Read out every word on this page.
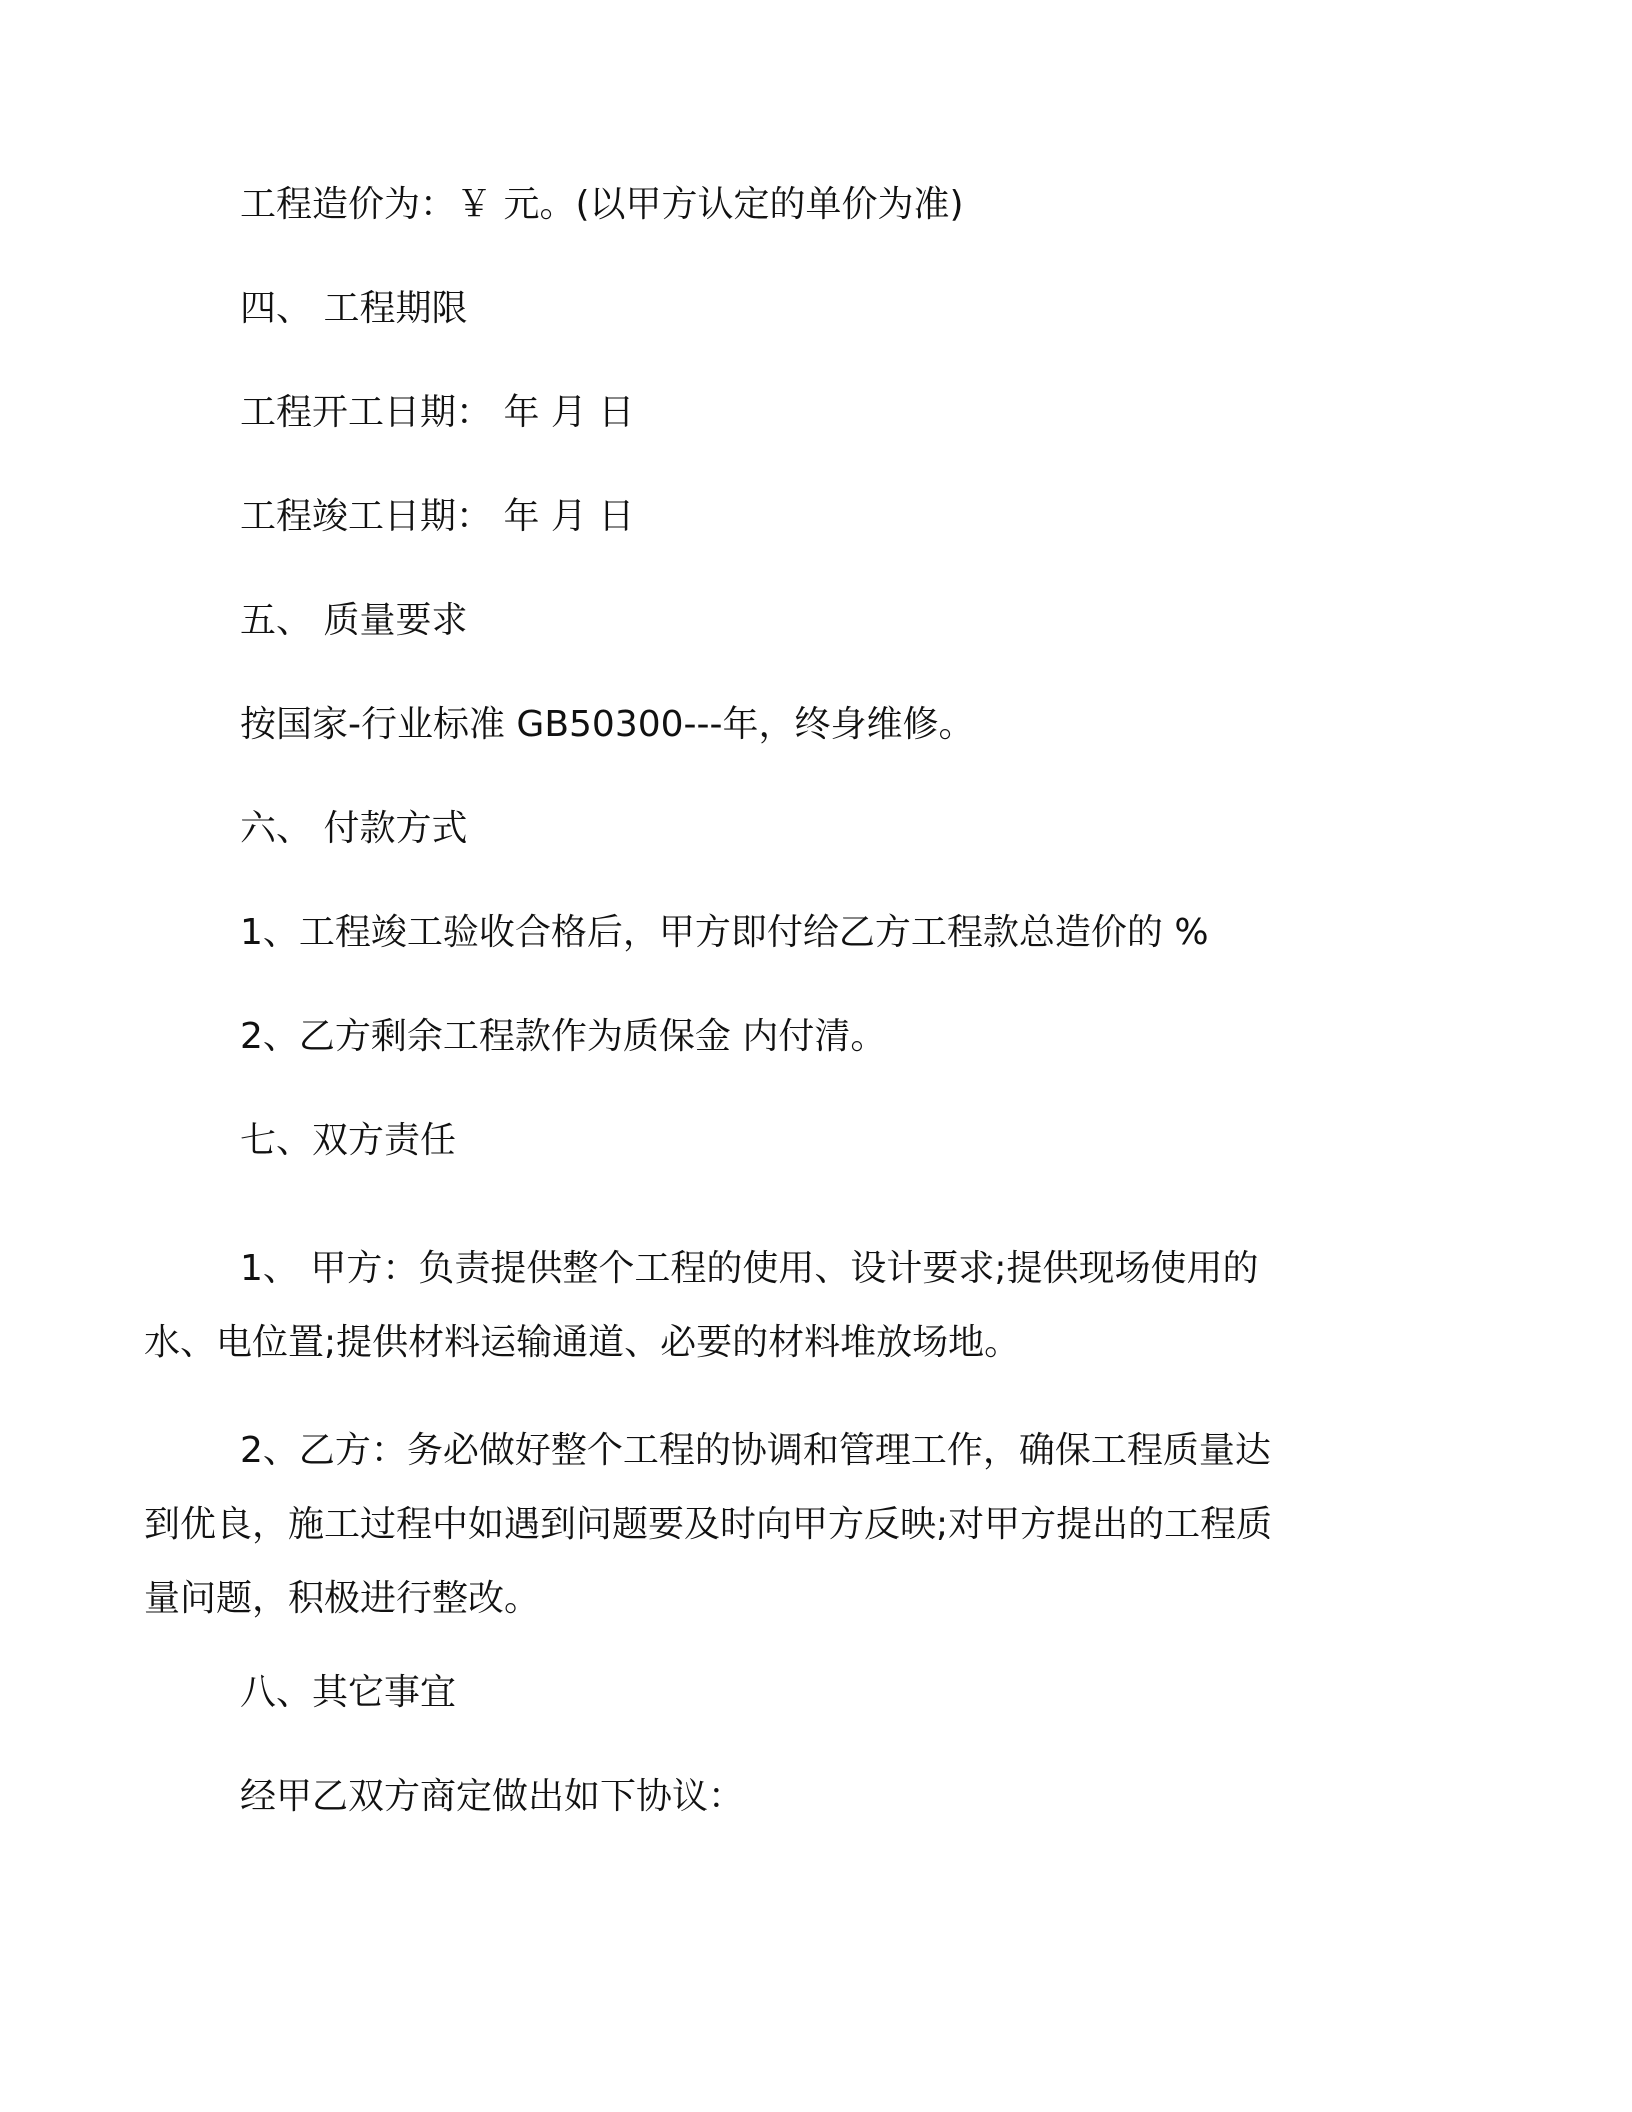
工程造价为：￥ 元。(以甲方认定的单价为准)

四、 工程期限

工程开工日期： 年 月 日

工程竣工日期： 年 月 日

五、 质量要求

按国家-行业标准 GB50300---年，终身维修。

六、 付款方式

1、工程竣工验收合格后，甲方即付给乙方工程款总造价的 %

2、乙方剩余工程款作为质保金 内付清。

七、双方责任

1、 甲方：负责提供整个工程的使用、设计要求;提供现场使用的水、电位置;提供材料运输通道、必要的材料堆放场地。

2、乙方：务必做好整个工程的协调和管理工作，确保工程质量达到优良，施工过程中如遇到问题要及时向甲方反映;对甲方提出的工程质量问题，积极进行整改。

八、其它事宜

经甲乙双方商定做出如下协议：
